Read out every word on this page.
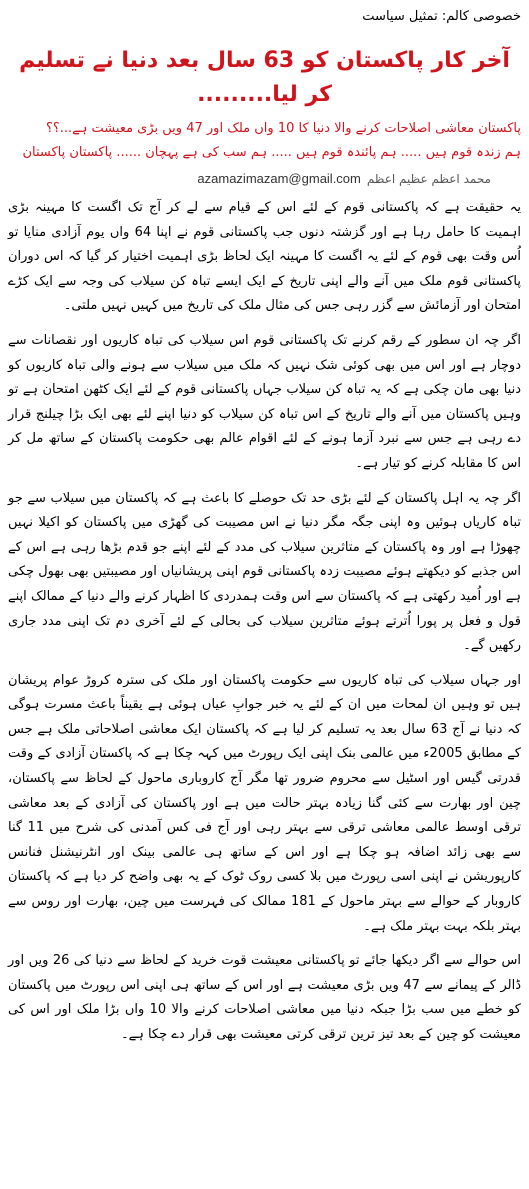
خصوصی کالم: تمثیل سیاست

آخر کار پاکستان کو 63 سال بعد دنیا نے تسلیم کر لیا.........

پاکستان معاشی اصلاحات کرنے والا دنیا کا 10 واں ملک اور 47 ویں بڑی معیشت ہے...؟؟

ہم زندہ قوم ہیں ..... ہم پائندہ قوم ہیں ..... ہم سب کی ہے پہچان ...... پاکستان پاکستان

محمد اعظم عظیم اعظم
azamazimazam@gmail.com

یہ حقیقت ہے کہ پاکستانی قوم کے لئے اس کے قیام سے لے کر آج تک اگست کا مہینہ بڑی اہمیت کا حامل رہا ہے اور گزشتہ دنوں جب پاکستانی قوم نے اپنا 64 واں یوم آزادی منایا تو اُس وقت بھی قوم کے لئے یہ اگست کا مہینہ ایک لحاظ بڑی اہمیت اختیار کر گیا کہ اس دوران پاکستانی قوم ملک میں آنے والے اپنی تاریخ کے ایک ایسے تباہ کن سیلاب کی وجہ سے ایک کڑے امتحان اور آزمائش سے گزر رہی جس کی مثال ملک کی تاریخ میں کہیں نہیں ملتی۔

اگر چہ ان سطور کے رقم کرنے تک پاکستانی قوم اس سیلاب کی تباہ کاریوں اور نقصانات سے دوچار ہے اور اس میں بھی کوئی شک نہیں کہ ملک میں سیلاب سے ہونے والی تباہ کاریوں کو دنیا بھی مان چکی ہے کہ یہ تباہ کن سیلاب جہاں پاکستانی قوم کے لئے ایک کٹھن امتحان ہے تو وہیں پاکستان میں آنے والے تاریخ کے اس تباہ کن سیلاب کو دنیا اپنے لئے بھی ایک بڑا چیلنج قرار دے رہی ہے جس سے نبرد آزما ہونے کے لئے اقوام عالم بھی حکومت پاکستان کے ساتھ مل کر اس کا مقابلہ کرنے کو تیار ہے۔

اگر چہ یہ اہل پاکستان کے لئے بڑی حد تک حوصلے کا باعث ہے کہ پاکستان میں سیلاب سے جو تباہ کاریاں ہوئیں وہ اپنی جگہ مگر دنیا نے اس مصیبت کی گھڑی میں پاکستان کو اکیلا نہیں چھوڑا ہے اور وہ پاکستان کے متاثرین سیلاب کی مدد کے لئے اپنے جو قدم بڑھا رہی ہے اس کے اس جذبے کو دیکھتے ہوئے مصیبت زدہ پاکستانی قوم اپنی پریشانیاں اور مصیبتیں بھی بھول چکی ہے اور اُمید رکھتی ہے کہ پاکستان سے اس وقت ہمدردی کا اظہار کرنے والے دنیا کے ممالک اپنے قول و فعل پر پورا اُترتے ہوئے متاثرین سیلاب کی بحالی کے لئے آخری دم تک اپنی مدد جاری رکھیں گے۔

اور جہاں سیلاب کی تباہ کاریوں سے حکومت پاکستان اور ملک کی سترہ کروڑ عوام پریشان ہیں تو وہیں ان لمحات میں ان کے لئے یہ خبر جوابِ عیاں ہوئی ہے یقیناً باعث مسرت ہوگی کہ دنیا نے آج 63 سال بعد یہ تسلیم کر لیا ہے کہ پاکستان ایک معاشی اصلاحاتی ملک ہے جس کے مطابق 2005ء میں عالمی بنک اپنی ایک رپورٹ میں کہہ چکا ہے کہ پاکستان آزادی کے وقت قدرتی گیس اور اسٹیل سے محروم ضرور تھا مگر آج کاروباری ماحول کے لحاظ سے پاکستان، چین اور بھارت سے کئی گنا زیادہ بہتر حالت میں ہے اور پاکستان کی آزادی کے بعد معاشی ترقی اوسط عالمی معاشی ترقی سے بہتر رہی اور آج فی کس آمدنی کی شرح میں 11 گنا سے بھی زائد اضافہ ہو چکا ہے اور اس کے ساتھ ہی عالمی بینک اور انٹرنیشنل فنانس کارپوریشن نے اپنی اسی رپورٹ میں بلا کسی روک ٹوک کے یہ بھی واضح کر دیا ہے کہ پاکستان کاروبار کے حوالے سے بہتر ماحول کے 181 ممالک کی فہرست میں چین، بھارت اور روس سے بہتر بلکہ بہت بہتر ملک ہے۔

اس حوالے سے اگر دیکھا جائے تو پاکستانی معیشت قوت خرید کے لحاظ سے دنیا کی 26 ویں اور ڈالر کے پیمانے سے 47 ویں بڑی معیشت ہے اور اس کے ساتھ ہی اپنی اس رپورٹ میں پاکستان کو خطے میں سب بڑا جبکہ دنیا میں معاشی اصلاحات کرنے والا 10 واں بڑا ملک اور اس کی معیشت کو چین کے بعد تیز ترین ترقی کرتی معیشت بھی قرار دے چکا ہے۔
